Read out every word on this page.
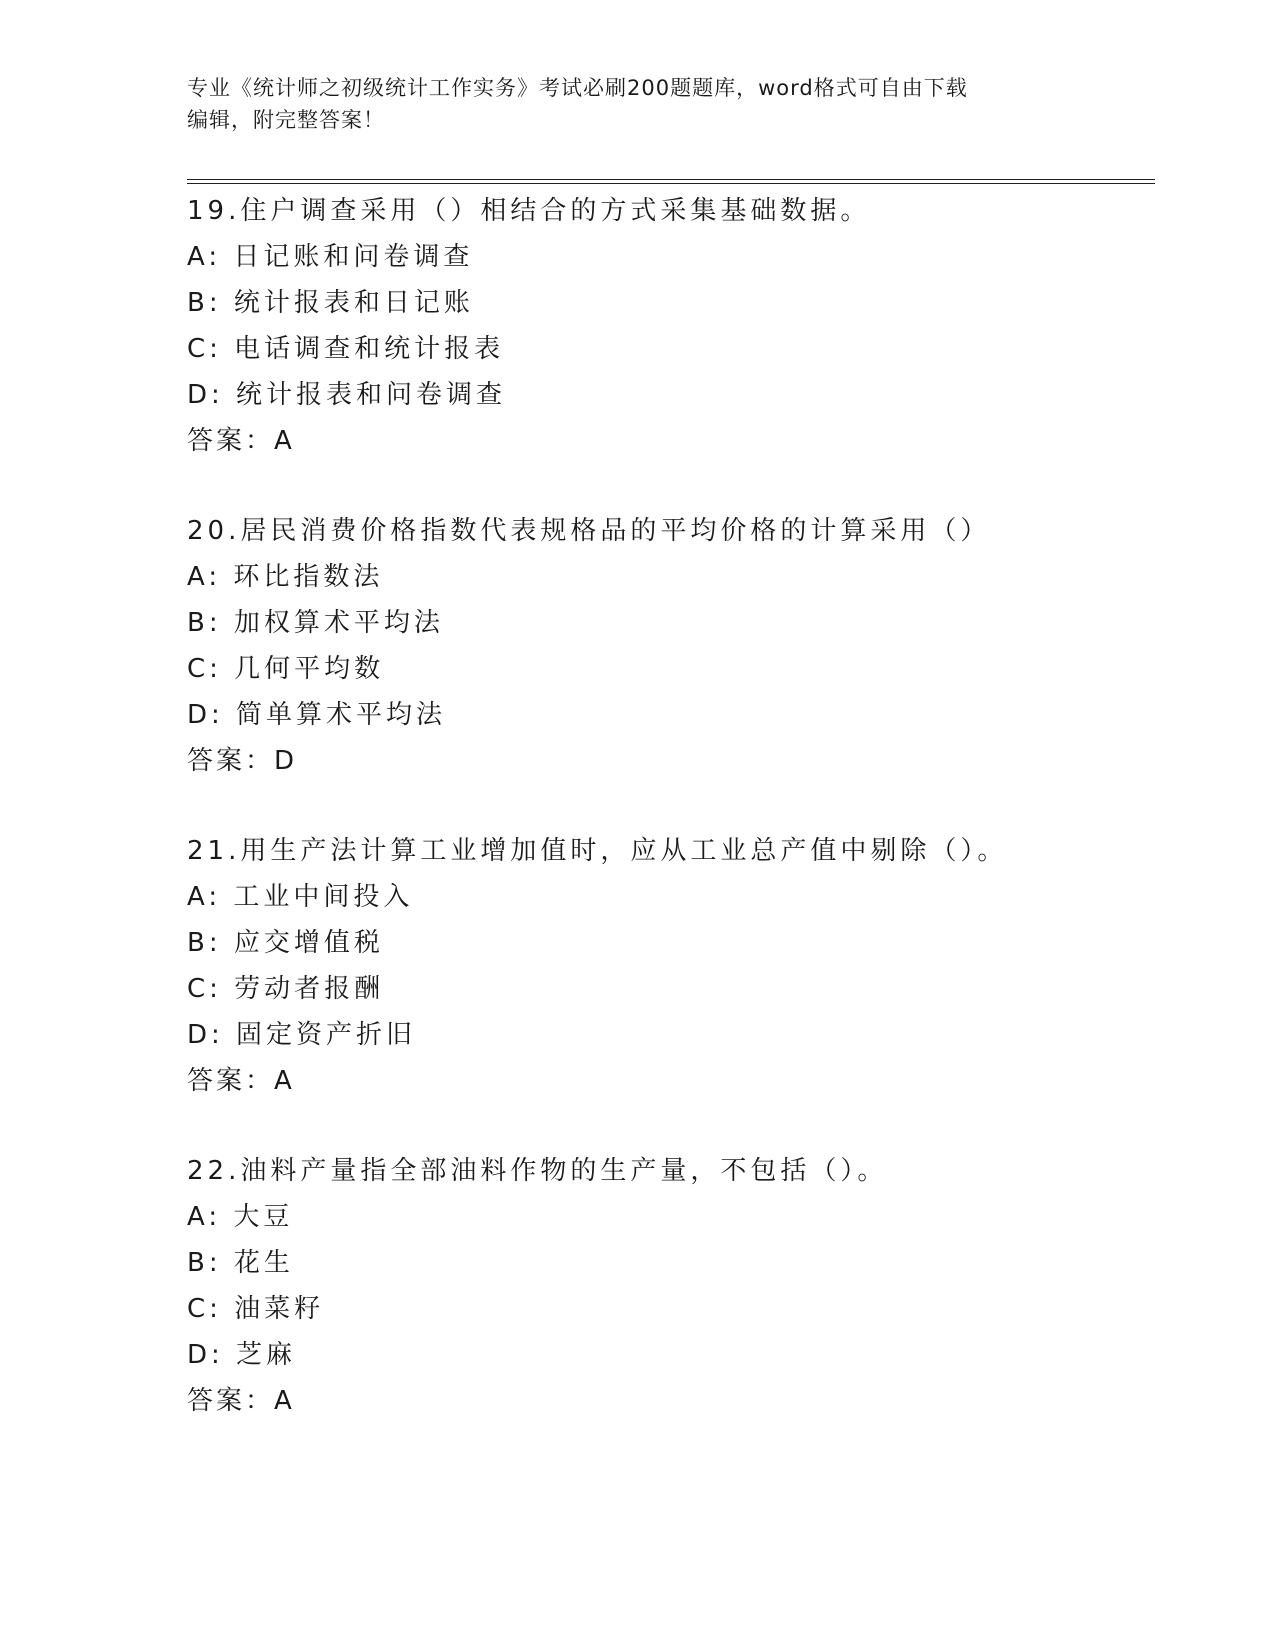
专业《统计师之初级统计工作实务》考试必刷200题题库，word格式可自由下载
编辑，附完整答案！
19.住户调查采用（）相结合的方式采集基础数据。
A: 日记账和问卷调查
B: 统计报表和日记账
C: 电话调查和统计报表
D: 统计报表和问卷调查
答案：A
20.居民消费价格指数代表规格品的平均价格的计算采用（）
A: 环比指数法
B: 加权算术平均法
C: 几何平均数
D: 简单算术平均法
答案：D
21.用生产法计算工业增加值时，应从工业总产值中剔除（）。
A: 工业中间投入
B: 应交增值税
C: 劳动者报酬
D: 固定资产折旧
答案：A
22.油料产量指全部油料作物的生产量，不包括（）。
A: 大豆
B: 花生
C: 油菜籽
D: 芝麻
答案：A
